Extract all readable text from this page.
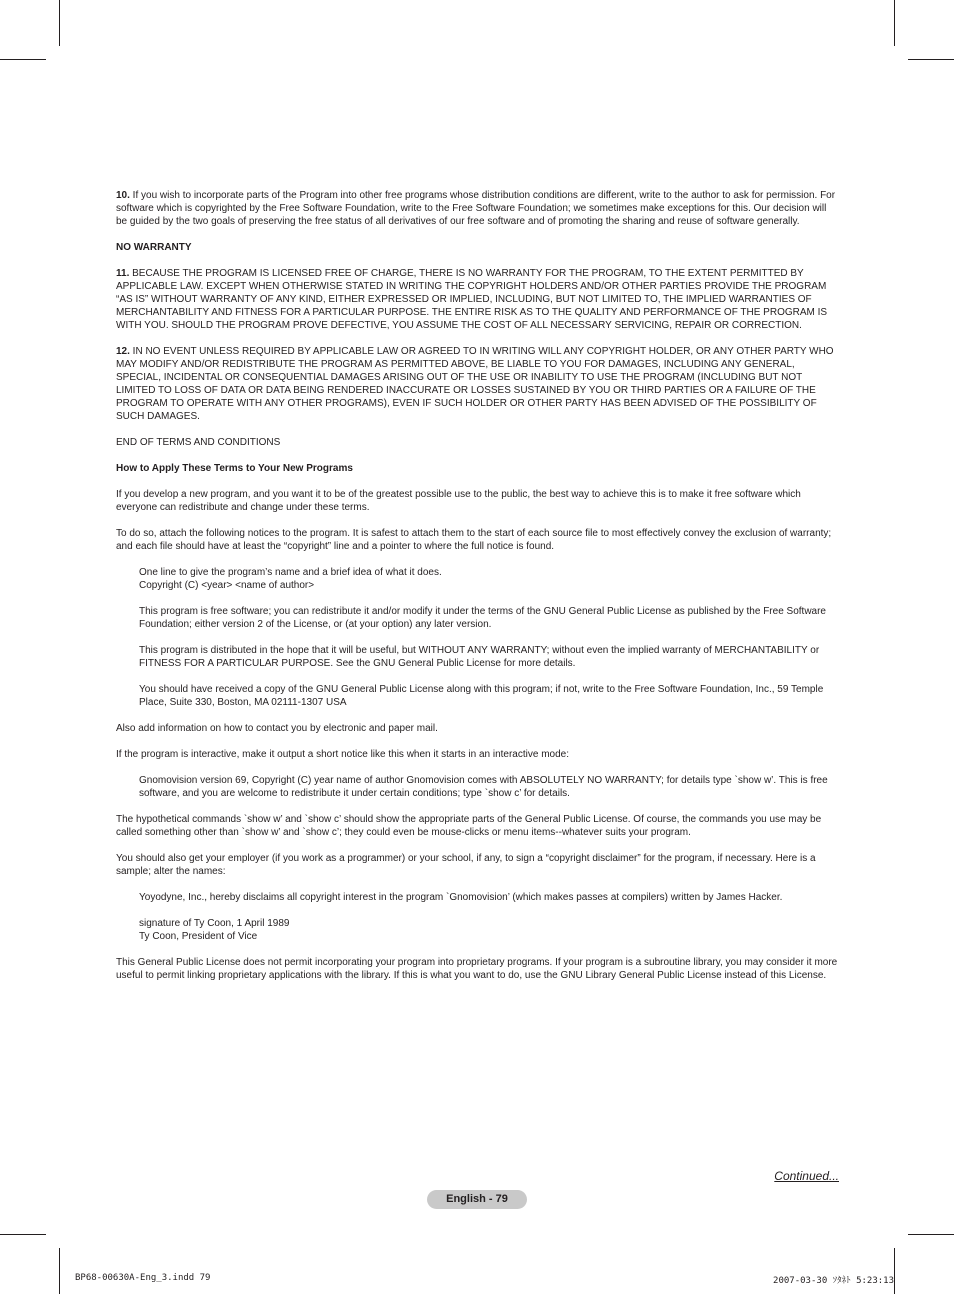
10. If you wish to incorporate parts of the Program into other free programs whose distribution conditions are different, write to the author to ask for permission. For software which is copyrighted by the Free Software Foundation, write to the Free Software Foundation; we sometimes make exceptions for this. Our decision will be guided by the two goals of preserving the free status of all derivatives of our free software and of promoting the sharing and reuse of software generally.

NO WARRANTY

11. BECAUSE THE PROGRAM IS LICENSED FREE OF CHARGE, THERE IS NO WARRANTY FOR THE PROGRAM, TO THE EXTENT PERMITTED BY APPLICABLE LAW. EXCEPT WHEN OTHERWISE STATED IN WRITING THE COPYRIGHT HOLDERS AND/OR OTHER PARTIES PROVIDE THE PROGRAM “AS IS” WITHOUT WARRANTY OF ANY KIND, EITHER EXPRESSED OR IMPLIED, INCLUDING, BUT NOT LIMITED TO, THE IMPLIED WARRANTIES OF MERCHANTABILITY AND FITNESS FOR A PARTICULAR PURPOSE. THE ENTIRE RISK AS TO THE QUALITY AND PERFORMANCE OF THE PROGRAM IS WITH YOU. SHOULD THE PROGRAM PROVE DEFECTIVE, YOU ASSUME THE COST OF ALL NECESSARY SERVICING, REPAIR OR CORRECTION.

12. IN NO EVENT UNLESS REQUIRED BY APPLICABLE LAW OR AGREED TO IN WRITING WILL ANY COPYRIGHT HOLDER, OR ANY OTHER PARTY WHO MAY MODIFY AND/OR REDISTRIBUTE THE PROGRAM AS PERMITTED ABOVE, BE LIABLE TO YOU FOR DAMAGES, INCLUDING ANY GENERAL, SPECIAL, INCIDENTAL OR CONSEQUENTIAL DAMAGES ARISING OUT OF THE USE OR INABILITY TO USE THE PROGRAM (INCLUDING BUT NOT LIMITED TO LOSS OF DATA OR DATA BEING RENDERED INACCURATE OR LOSSES SUSTAINED BY YOU OR THIRD PARTIES OR A FAILURE OF THE PROGRAM TO OPERATE WITH ANY OTHER PROGRAMS), EVEN IF SUCH HOLDER OR OTHER PARTY HAS BEEN ADVISED OF THE POSSIBILITY OF SUCH DAMAGES.

END OF TERMS AND CONDITIONS

How to Apply These Terms to Your New Programs

If you develop a new program, and you want it to be of the greatest possible use to the public, the best way to achieve this is to make it free software which everyone can redistribute and change under these terms.

To do so, attach the following notices to the program. It is safest to attach them to the start of each source file to most effectively convey the exclusion of warranty; and each file should have at least the “copyright” line and a pointer to where the full notice is found.

One line to give the program’s name and a brief idea of what it does.
Copyright (C) <year> <name of author>

This program is free software; you can redistribute it and/or modify it under the terms of the GNU General Public License as published by the Free Software Foundation; either version 2 of the License, or (at your option) any later version.

This program is distributed in the hope that it will be useful, but WITHOUT ANY WARRANTY; without even the implied warranty of MERCHANTABILITY or FITNESS FOR A PARTICULAR PURPOSE. See the GNU General Public License for more details.

You should have received a copy of the GNU General Public License along with this program; if not, write to the Free Software Foundation, Inc., 59 Temple Place, Suite 330, Boston, MA 02111-1307 USA

Also add information on how to contact you by electronic and paper mail.

If the program is interactive, make it output a short notice like this when it starts in an interactive mode:

Gnomovision version 69, Copyright (C) year name of author Gnomovision comes with ABSOLUTELY NO WARRANTY; for details type `show w’. This is free software, and you are welcome to redistribute it under certain conditions; type `show c’ for details.

The hypothetical commands `show w’ and `show c’ should show the appropriate parts of the General Public License. Of course, the commands you use may be called something other than `show w’ and `show c’; they could even be mouse-clicks or menu items--whatever suits your program.

You should also get your employer (if you work as a programmer) or your school, if any, to sign a “copyright disclaimer” for the program, if necessary. Here is a sample; alter the names:

Yoyodyne, Inc., hereby disclaims all copyright interest in the program `Gnomovision’ (which makes passes at compilers) written by James Hacker.

signature of Ty Coon, 1 April 1989
Ty Coon, President of Vice

This General Public License does not permit incorporating your program into proprietary programs. If your program is a subroutine library, you may consider it more useful to permit linking proprietary applications with the library. If this is what you want to do, use the GNU Library General Public License instead of this License.

Continued...
English - 79
BP68-00630A-Eng_3.indd 79	2007-03-30 ｿﾀﾈﾄ 5:23:13
